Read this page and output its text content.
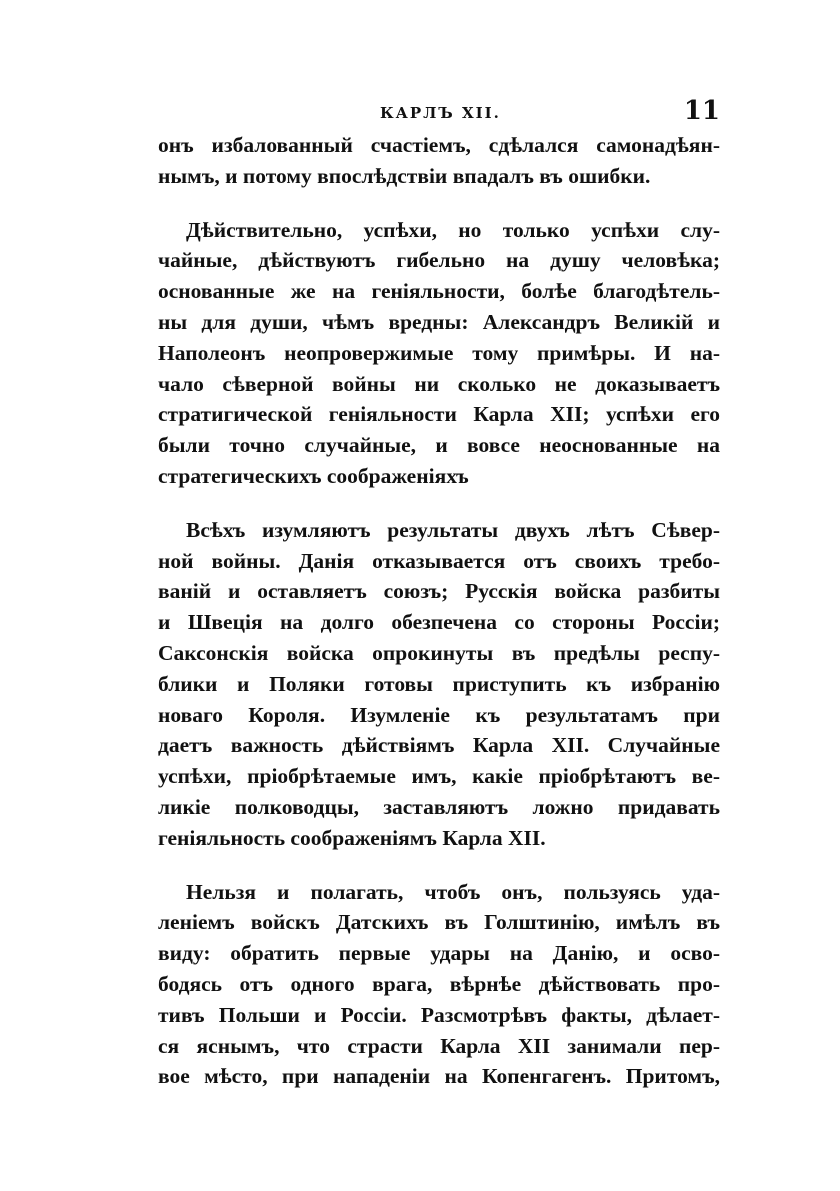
КАРЛЪ XII.	11
онъ избалованный счастіемъ, сдѣлался самонадѣян-
нымъ, и потому впослѣдствіи впадалъ въ ошибки.
Дѣйствительно, успѣхи, но только успѣхи слу-
чайные, дѣйствуютъ гибельно на душу человѣка;
основанные же на геніяльности, болѣе благодѣтель-
ны для души, чѣмъ вредны: Александръ Великій и
Наполеонъ неопровержимые тому примѣры. И на-
чало сѣверной войны ни сколько не доказываетъ
стратигической геніяльности Карла XII; успѣхи его
были точно случайные, и вовсе неоснованные на
стратегическихъ соображеніяхъ
Всѣхъ изумляютъ результаты двухъ лѣтъ Сѣвер-
ной войны. Данія отказывается отъ своихъ требо-
ваній и оставляетъ союзъ; Русскія войска разбиты
и Швеція на долго обезпечена со стороны Россіи;
Саксонскія войска опрокинуты въ предѣлы респу-
блики и Поляки готовы приступить къ избранію
новаго Короля. Изумленіе къ результатамъ при
даетъ важность дѣйствіямъ Карла XII. Случайные
успѣхи, пріобрѣтаемые имъ, какіе пріобрѣтаютъ ве-
ликіе полководцы, заставляютъ ложно придавать
геніяльность соображеніямъ Карла XII.
Нельзя и полагать, чтобъ онъ, пользуясь уда-
леніемъ войскъ Датскихъ въ Голштинію, имѣлъ въ
виду: обратить первые удары на Данію, и осво-
бодясь отъ одного врага, вѣрнѣе дѣйствовать про-
тивъ Польши и Россіи. Разсмотрѣвъ факты, дѣлает-
ся яснымъ, что страсти Карла XII занимали пер-
вое мѣсто, при нападеніи на Копенгагенъ. Притомъ,
